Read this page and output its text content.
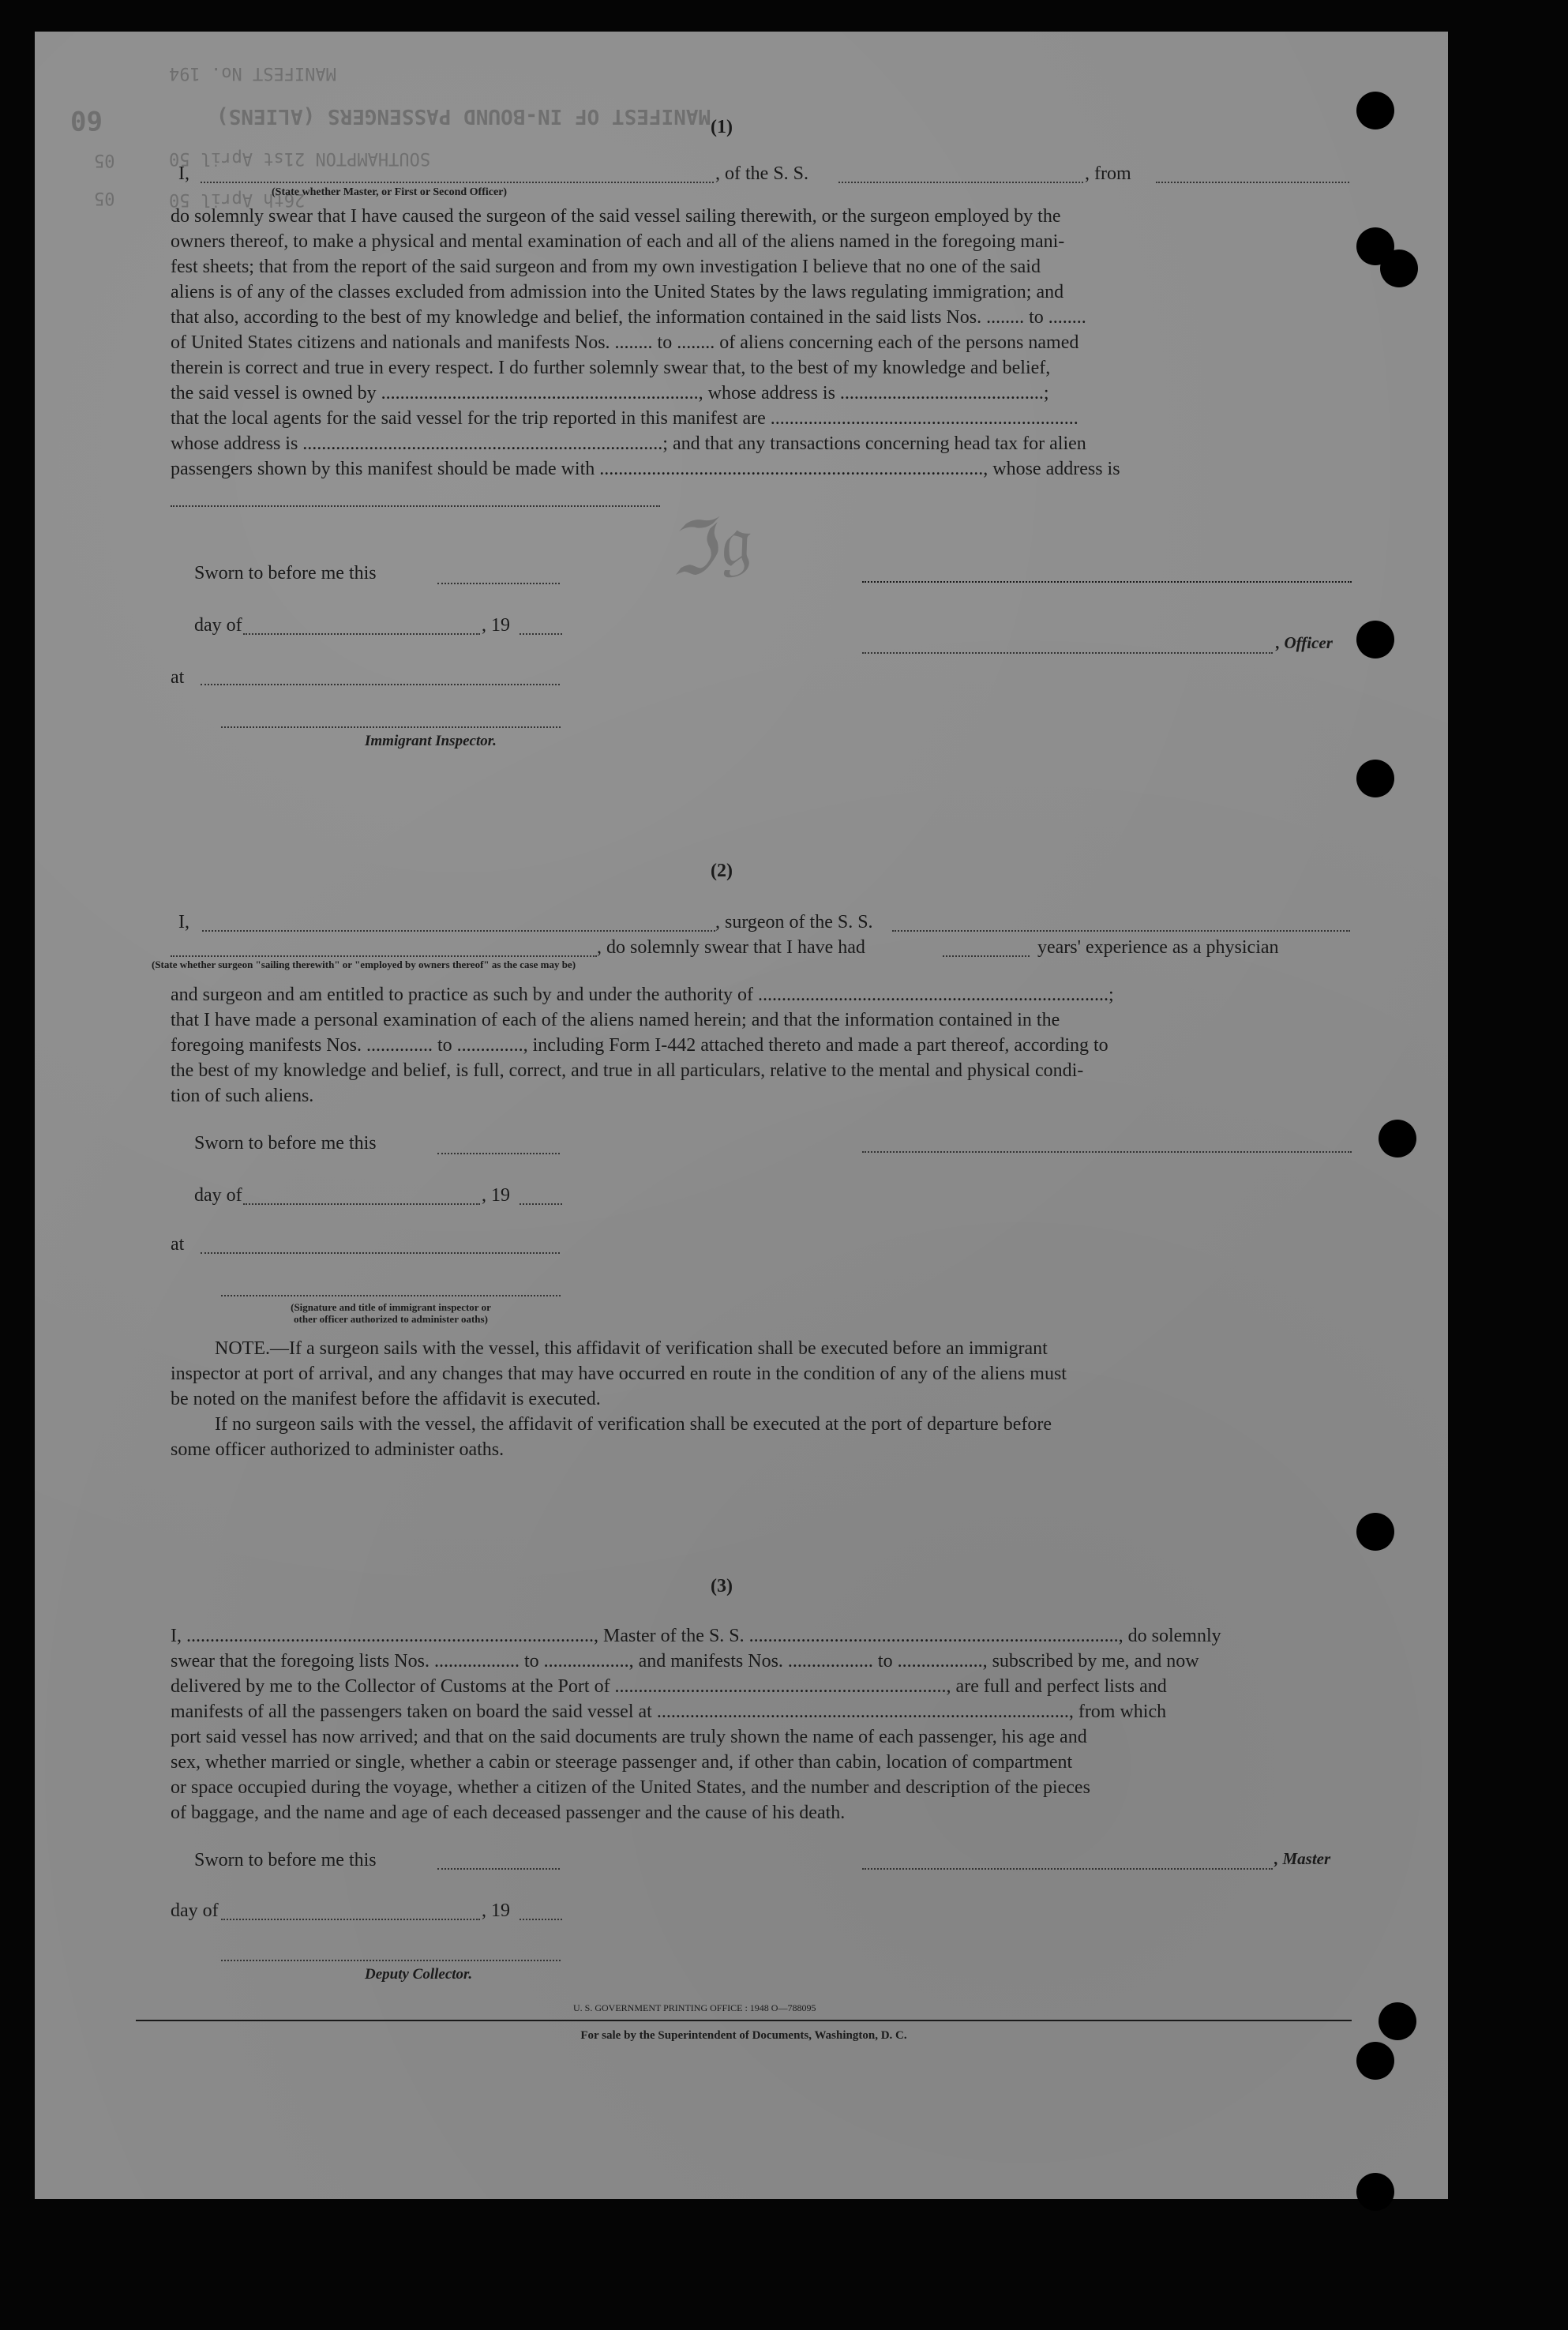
MANIFEST No. 194
MANIFEST OF IN-BOUND PASSENGERS (ALIENS)
SOUTHAMPTON 21st April 50
26th April 50
60
05
05
(1)
I,	, of the S. S.	, from
(State whether Master, or First or Second Officer)
do solemnly swear that I have caused the surgeon of the said vessel sailing therewith, or the surgeon employed by the
owners thereof, to make a physical and mental examination of each and all of the aliens named in the foregoing mani-
fest sheets; that from the report of the said surgeon and from my own investigation I believe that no one of the said
aliens is of any of the classes excluded from admission into the United States by the laws regulating immigration; and
that also, according to the best of my knowledge and belief, the information contained in the said lists Nos. ........ to ........
of United States citizens and nationals and manifests Nos. ........ to ........ of aliens concerning each of the persons named
therein is correct and true in every respect. I do further solemnly swear that, to the best of my knowledge and belief,
the said vessel is owned by ..................................................................., whose address is ...........................................;
that the local agents for the said vessel for the trip reported in this manifest are .................................................................
whose address is ............................................................................; and that any transactions concerning head tax for alien
passengers shown by this manifest should be made with ................................................................................., whose address is
ℑ𝔤
Sworn to before me this
day of	, 19
, Officer
at
Immigrant Inspector.
(2)
I,	, surgeon of the S. S.
, do solemnly swear that I have had	years' experience as a physician
(State whether surgeon "sailing therewith" or "employed by owners thereof" as the case may be)
and surgeon and am entitled to practice as such by and under the authority of ..........................................................................;
that I have made a personal examination of each of the aliens named herein; and that the information contained in the
foregoing manifests Nos. .............. to .............., including Form I-442 attached thereto and made a part thereof, according to
the best of my knowledge and belief, is full, correct, and true in all particulars, relative to the mental and physical condi-
tion of such aliens.
Sworn to before me this
day of	, 19
at
(Signature and title of immigrant inspector or
other officer authorized to administer oaths)
NOTE.—If a surgeon sails with the vessel, this affidavit of verification shall be executed before an immigrant
inspector at port of arrival, and any changes that may have occurred en route in the condition of any of the aliens must
be noted on the manifest before the affidavit is executed.
If no surgeon sails with the vessel, the affidavit of verification shall be executed at the port of departure before
some officer authorized to administer oaths.
(3)
I, ......................................................................................, Master of the S. S. .............................................................................., do solemnly
swear that the foregoing lists Nos. .................. to .................., and manifests Nos. .................. to .................., subscribed by me, and now
delivered by me to the Collector of Customs at the Port of ......................................................................, are full and perfect lists and
manifests of all the passengers taken on board the said vessel at ......................................................................................., from which
port said vessel has now arrived; and that on the said documents are truly shown the name of each passenger, his age and
sex, whether married or single, whether a cabin or steerage passenger and, if other than cabin, location of compartment
or space occupied during the voyage, whether a citizen of the United States, and the number and description of the pieces
of baggage, and the name and age of each deceased passenger and the cause of his death.
Sworn to before me this	, Master
day of	, 19
Deputy Collector.
U. S. GOVERNMENT PRINTING OFFICE : 1948 O—788095
For sale by the Superintendent of Documents, Washington, D. C.
